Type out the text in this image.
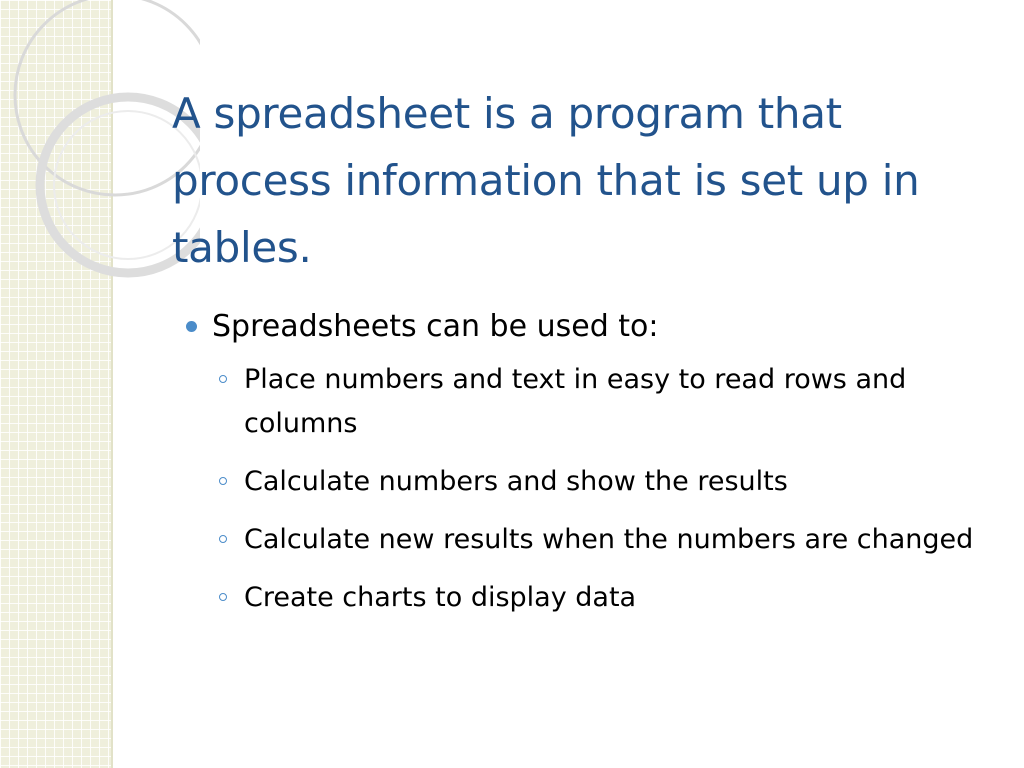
A spreadsheet is a program that process information that is set up in tables.
Spreadsheets can be used to:
Place numbers and text in easy to read rows and columns
Calculate numbers and show the results
Calculate new results when the numbers are changed
Create charts to display data
